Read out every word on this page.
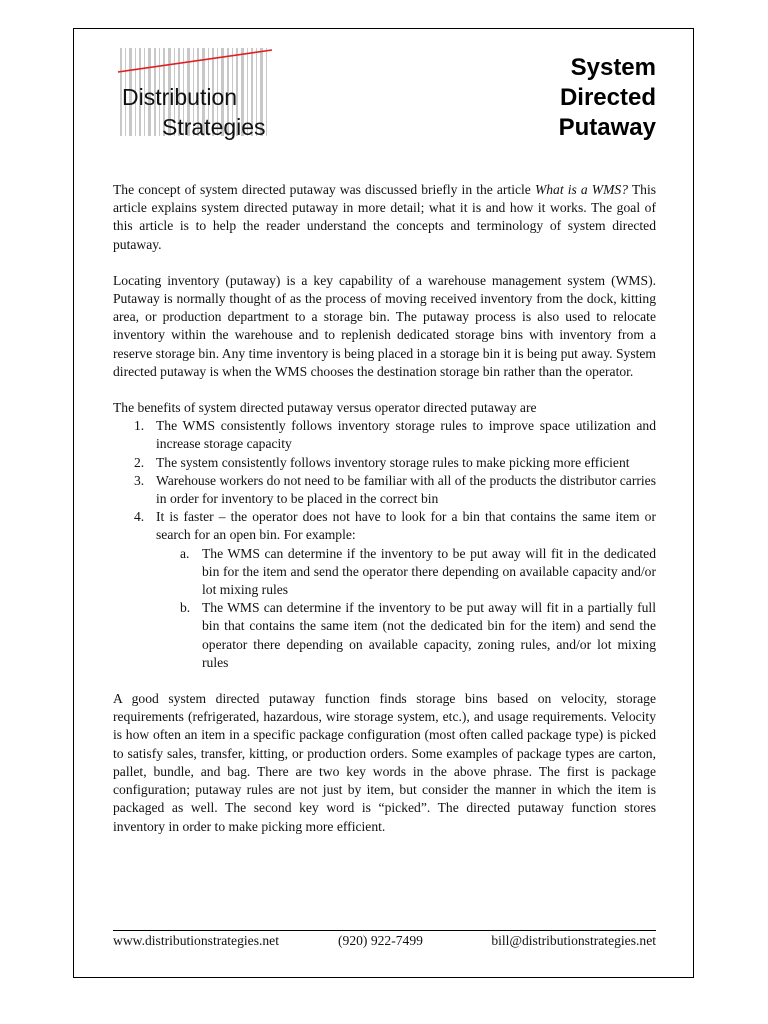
Distribution
Strategies
System
Directed
Putaway

The concept of system directed putaway was discussed briefly in the article What is a WMS? This article explains system directed putaway in more detail; what it is and how it works. The goal of this article is to help the reader understand the concepts and terminology of system directed putaway.

Locating inventory (putaway) is a key capability of a warehouse management system (WMS). Putaway is normally thought of as the process of moving received inventory from the dock, kitting area, or production department to a storage bin. The putaway process is also used to relocate inventory within the warehouse and to replenish dedicated storage bins with inventory from a reserve storage bin. Any time inventory is being placed in a storage bin it is being put away. System directed putaway is when the WMS chooses the destination storage bin rather than the operator.

The benefits of system directed putaway versus operator directed putaway are

1. The WMS consistently follows inventory storage rules to improve space utilization and increase storage capacity
2. The system consistently follows inventory storage rules to make picking more efficient
3. Warehouse workers do not need to be familiar with all of the products the distributor carries in order for inventory to be placed in the correct bin
4. It is faster – the operator does not have to look for a bin that contains the same item or search for an open bin. For example:
a. The WMS can determine if the inventory to be put away will fit in the dedicated bin for the item and send the operator there depending on available capacity and/or lot mixing rules
b. The WMS can determine if the inventory to be put away will fit in a partially full bin that contains the same item (not the dedicated bin for the item) and send the operator there depending on available capacity, zoning rules, and/or lot mixing rules

A good system directed putaway function finds storage bins based on velocity, storage requirements (refrigerated, hazardous, wire storage system, etc.), and usage requirements. Velocity is how often an item in a specific package configuration (most often called package type) is picked to satisfy sales, transfer, kitting, or production orders. Some examples of package types are carton, pallet, bundle, and bag. There are two key words in the above phrase. The first is package configuration; putaway rules are not just by item, but consider the manner in which the item is packaged as well. The second key word is “picked”. The directed putaway function stores inventory in order to make picking more efficient.

www.distributionstrategies.net	(920) 922-7499	bill@distributionstrategies.net
